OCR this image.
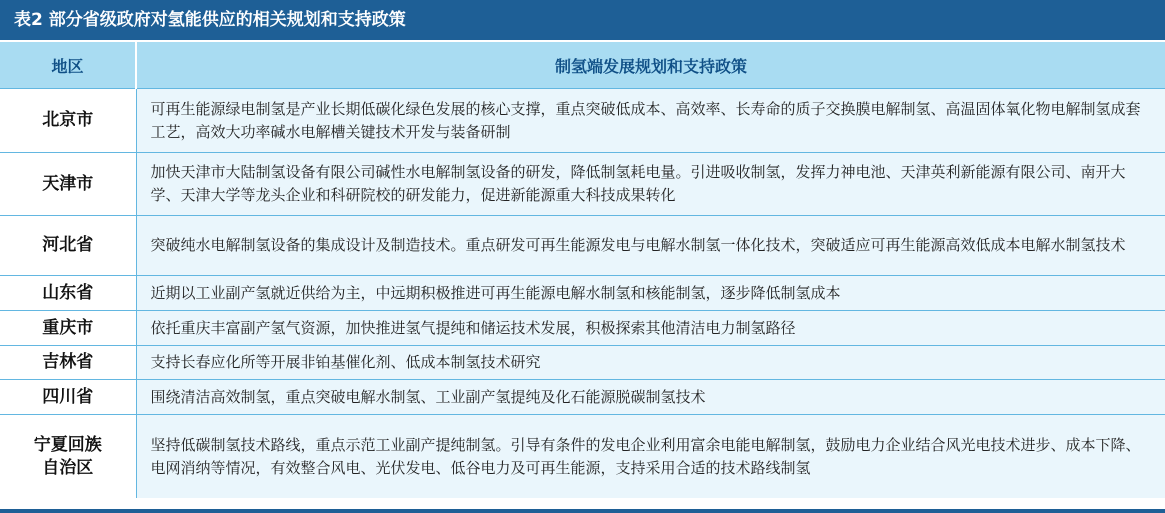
表2 部分省级政府对氢能供应的相关规划和支持政策
地区	制氢端发展规划和支持政策
北京市	可再生能源绿电制氢是产业长期低碳化绿色发展的核心支撑，重点突破低成本、高效率、长寿命的质子交换膜电解制氢、高温固体氧化物电解制氢成套工艺，高效大功率碱水电解槽关键技术开发与装备研制
天津市	加快天津市大陆制氢设备有限公司碱性水电解制氢设备的研发，降低制氢耗电量。引进吸收制氢，发挥力神电池、天津英利新能源有限公司、南开大学、天津大学等龙头企业和科研院校的研发能力，促进新能源重大科技成果转化
河北省	突破纯水电解制氢设备的集成设计及制造技术。重点研发可再生能源发电与电解水制氢一体化技术，突破适应可再生能源高效低成本电解水制氢技术
山东省	近期以工业副产氢就近供给为主，中远期积极推进可再生能源电解水制氢和核能制氢，逐步降低制氢成本
重庆市	依托重庆丰富副产氢气资源，加快推进氢气提纯和储运技术发展，积极探索其他清洁电力制氢路径
吉林省	支持长春应化所等开展非铂基催化剂、低成本制氢技术研究
四川省	围绕清洁高效制氢，重点突破电解水制氢、工业副产氢提纯及化石能源脱碳制氢技术

宁夏回族
自治区	坚持低碳制氢技术路线，重点示范工业副产提纯制氢。引导有条件的发电企业利用富余电能电解制氢，鼓励电力企业结合风光电技术进步、成本下降、电网消纳等情况，有效整合风电、光伏发电、低谷电力及可再生能源，支持采用合适的技术路线制氢
